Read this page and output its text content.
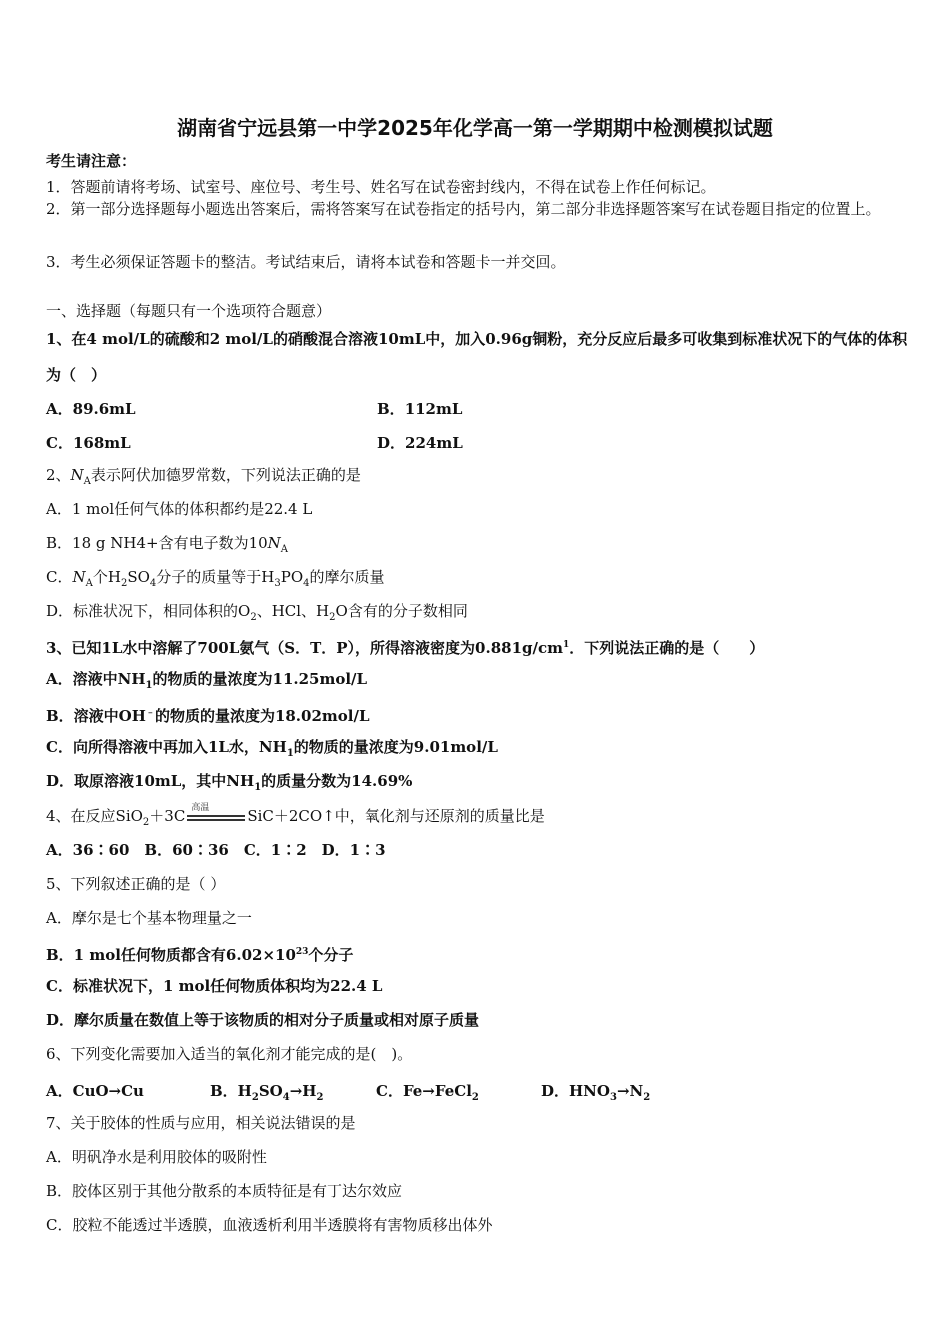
湖南省宁远县第一中学2025年化学高一第一学期期中检测模拟试题
考生请注意：
1．答题前请将考场、试室号、座位号、考生号、姓名写在试卷密封线内，不得在试卷上作任何标记。
2．第一部分选择题每小题选出答案后，需将答案写在试卷指定的括号内，第二部分非选择题答案写在试卷题目指定的位置上。
3．考生必须保证答题卡的整洁。考试结束后，请将本试卷和答题卡一并交回。
一、选择题（每题只有一个选项符合题意）
1、在4 mol/L的硫酸和2 mol/L的硝酸混合溶液10mL中，加入0.96g铜粉，充分反应后最多可收集到标准状况下的气体的体积为（　）
A．89.6mL	B．112mL
C．168mL	D．224mL
2、$N_A$表示阿伏加德罗常数，下列说法正确的是
A．1 mol任何气体的体积都约是22.4 L
B．18 g NH4+含有电子数为$10N_A$
C．$N_A$个$H_2SO_4$分子的质量等于$H_3PO_4$的摩尔质量
D．标准状况下，相同体积的$O_2$、HCl、$H_2O$含有的分子数相同
3、已知1L水中溶解了700L氨气（S．T．P），所得溶液密度为$0.881g/cm^1$．下列说法正确的是（　　）
A．溶液中$NH_1$的物质的量浓度为11.25mol/L
B．溶液中OH﹣的物质的量浓度为18.02mol/L
C．向所得溶液中再加入1L水，$NH_1$的物质的量浓度为9.01mol/L
D．取原溶液10mL，其中$NH_1$的质量分数为14.69%
4、在反应SiO$_2$＋3C 高温	SiC＋2CO↑中，氧化剂与还原剂的质量比是
A．36∶60　B．60∶36　C．1∶2　D．1∶3
5、下列叙述正确的是（ ）
A．摩尔是七个基本物理量之一
B．1 mol任何物质都含有$6.02\times 10^{23}$个分子
C．标准状况下，1 mol任何物质体积均为22.4 L
D．摩尔质量在数值上等于该物质的相对分子质量或相对原子质量
6、下列变化需要加入适当的氧化剂才能完成的是(　)。
A．CuO→Cu	B．$H_2SO_4\to H_2$	C．Fe→FeCl$_2$	D．$HNO_3\to N_2$
7、关于胶体的性质与应用，相关说法错误的是
A．明矾净水是利用胶体的吸附性
B．胶体区别于其他分散系的本质特征是有丁达尔效应
C．胶粒不能透过半透膜，血液透析利用半透膜将有害物质移出体外
